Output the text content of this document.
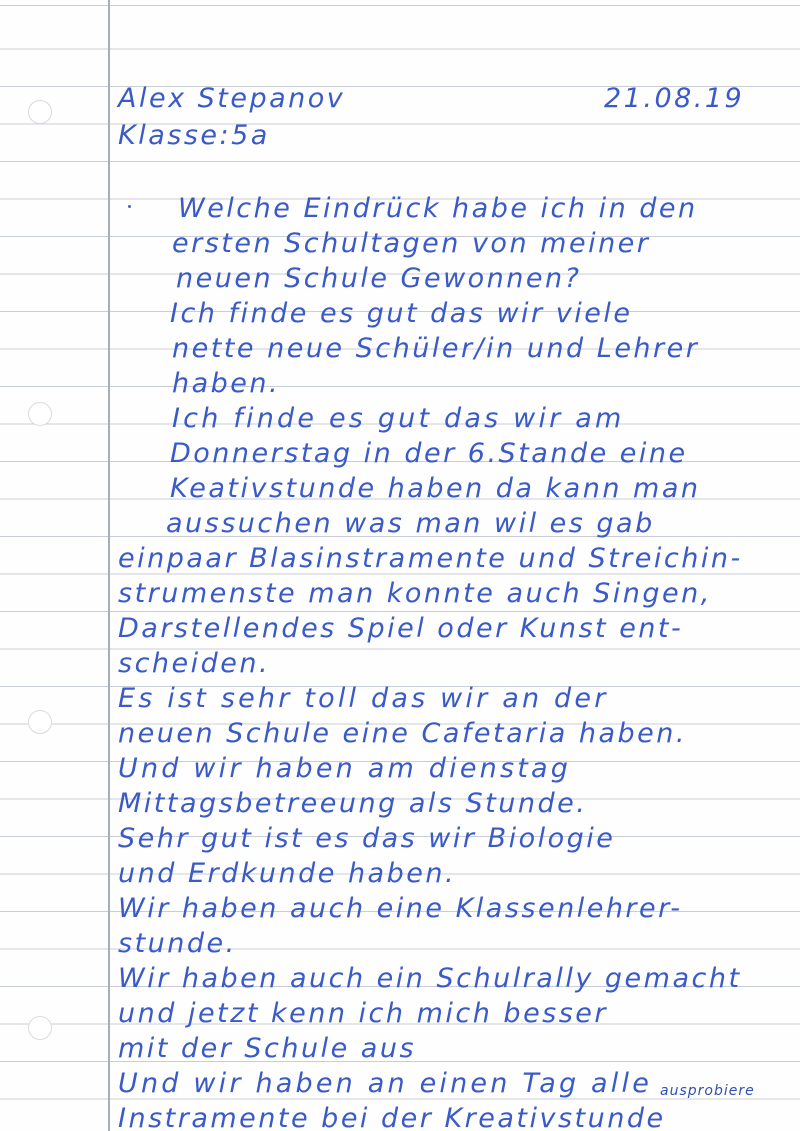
Alex Stepanov	21.08.19
Klasse:5a
Welche Eindrück habe ich in den
ersten Schultagen von meiner
neuen Schule Gewonnen?
Ich finde es gut das wir viele
nette neue Schüler/in und Lehrer
haben.
Ich finde es gut das wir am
Donnerstag in der 6.Stande eine
Keativstunde haben da kann man
aussuchen was man wil es gab
einpaar Blasinstramente und Streichin-
strumenste man konnte auch Singen,
Darstellendes Spiel oder Kunst ent-
scheiden.
Es ist sehr toll das wir an der
neuen Schule eine Cafetaria haben.
Und wir haben am dienstag
Mittagsbetreeung als Stunde.
Sehr gut ist es das wir Biologie
und Erdkunde haben.
Wir haben auch eine Klassenlehrer-
stunde.
Wir haben auch ein Schulrally gemacht
und jetzt kenn ich mich besser
mit der Schule aus
Und wir haben an einen Tag alle
Instramente bei der Kreativstunde
ausprobiere
